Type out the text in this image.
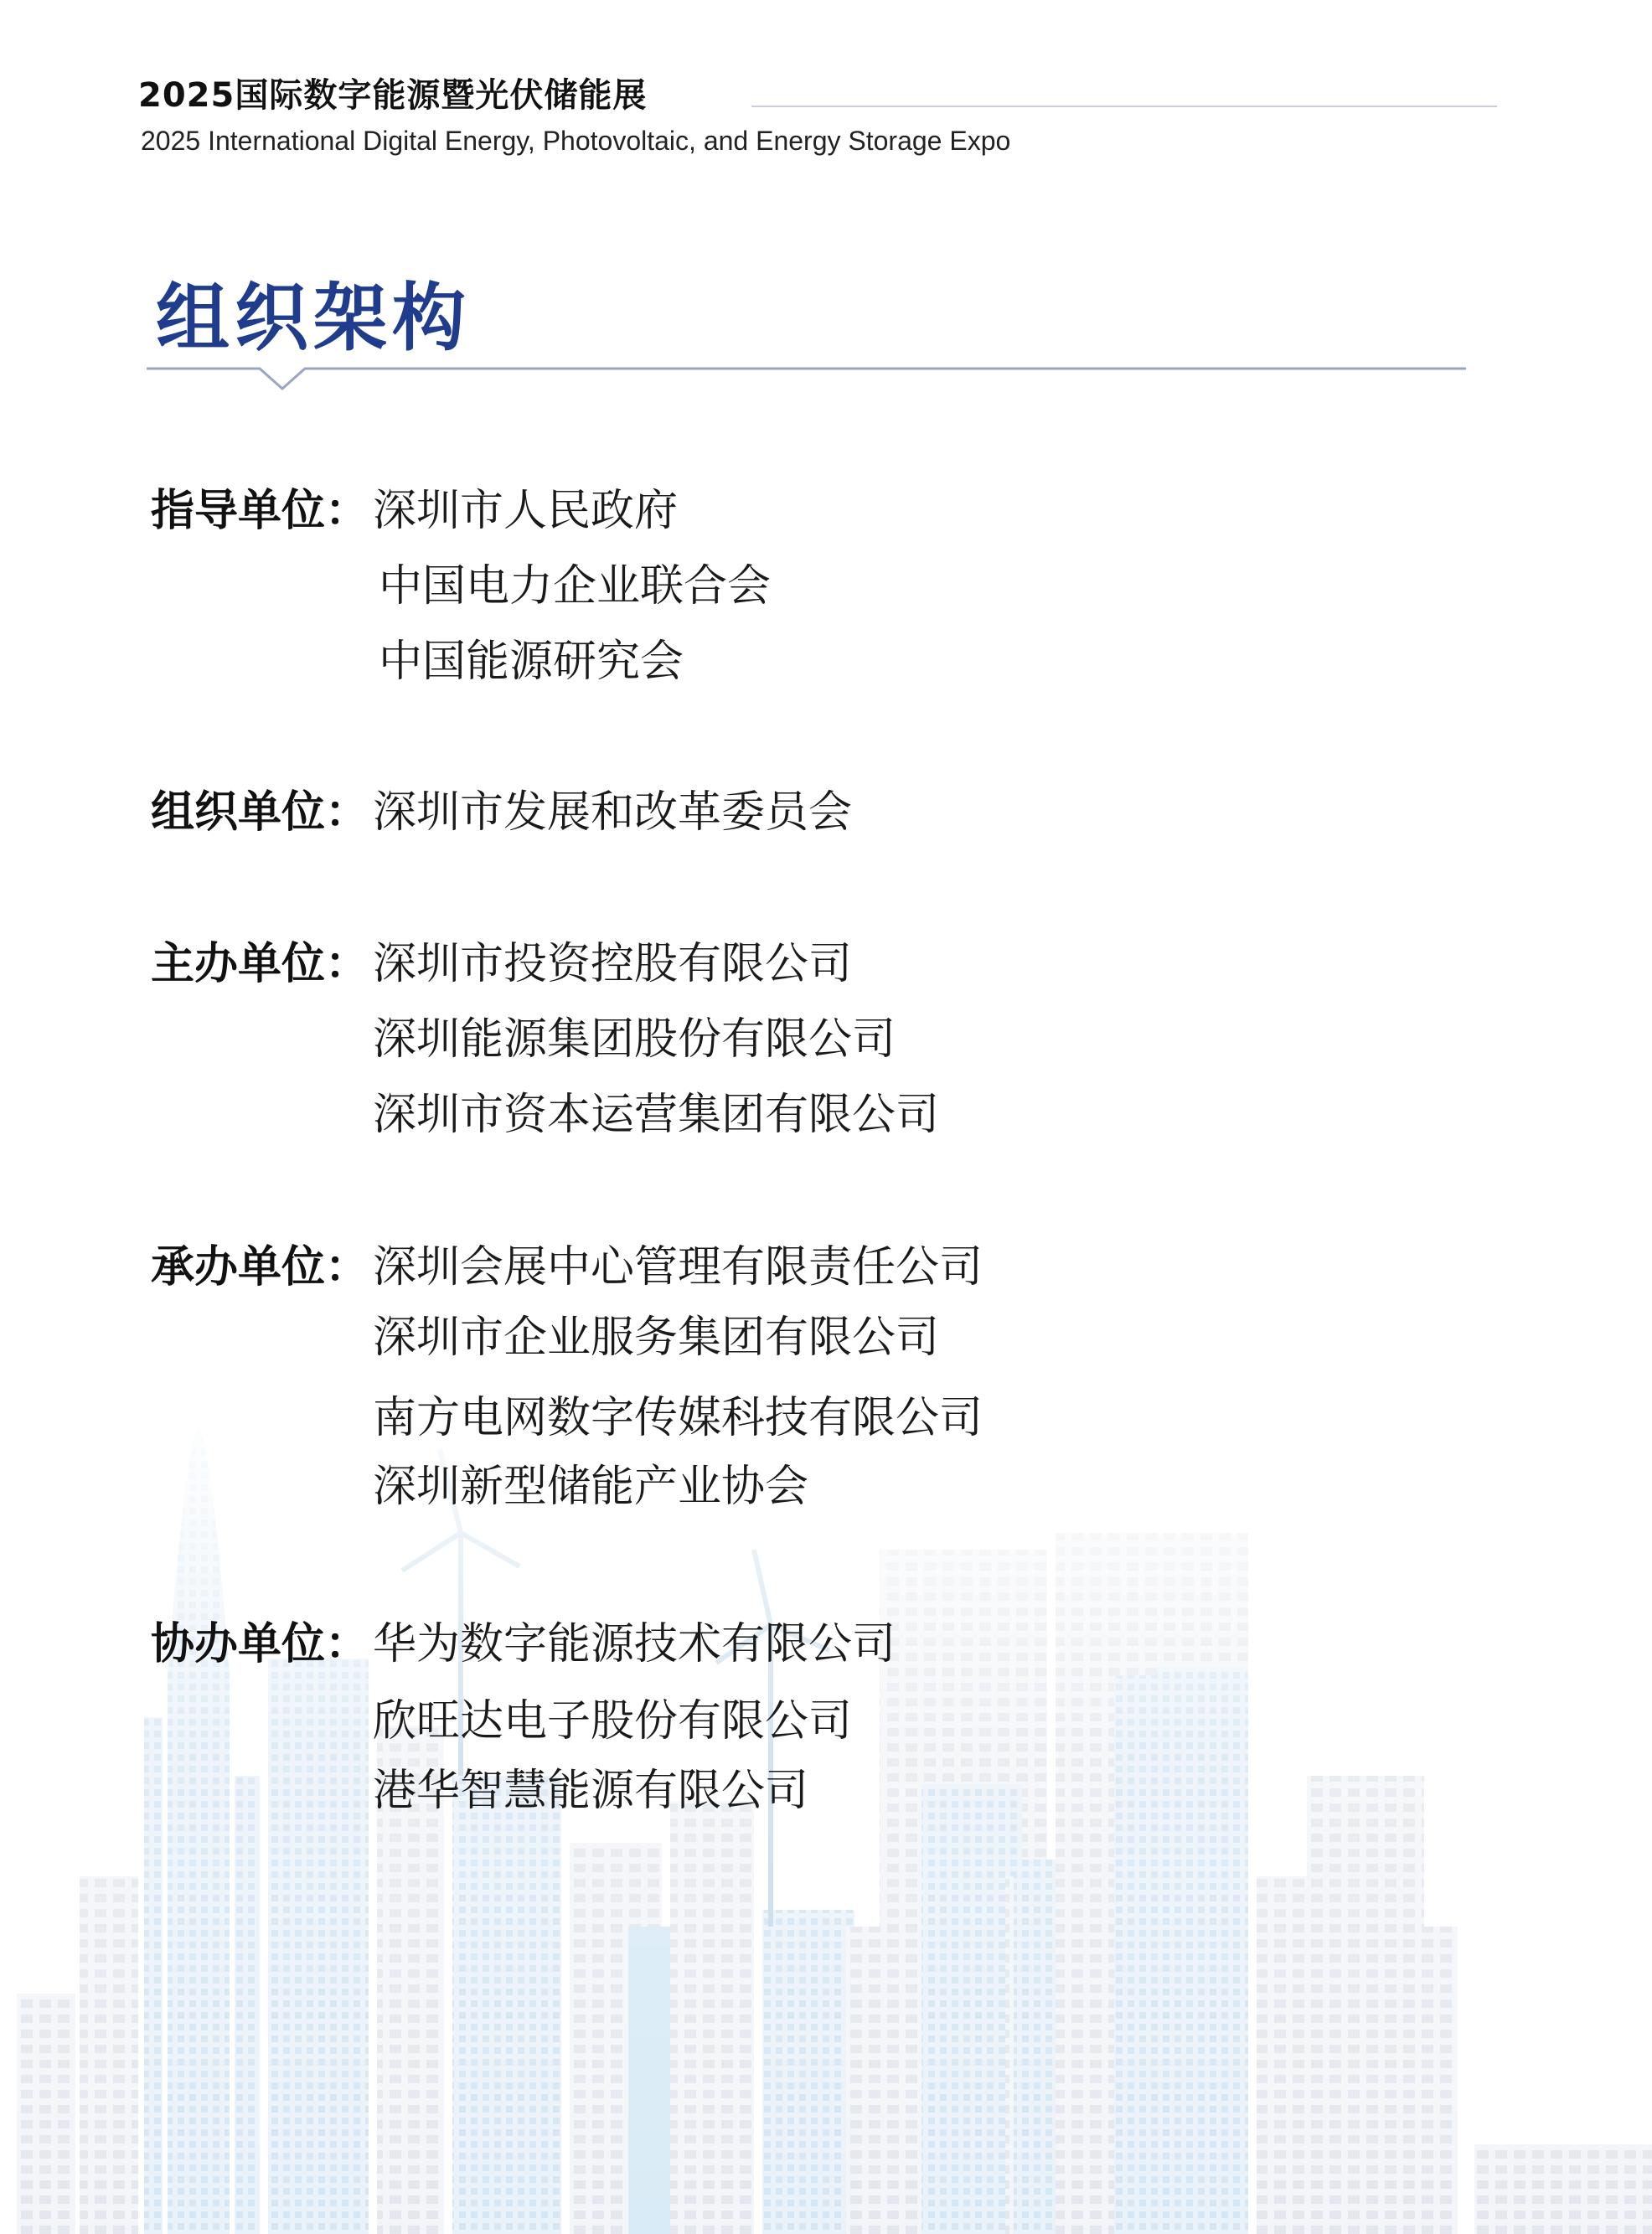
2025国际数字能源暨光伏储能展
2025 International Digital Energy, Photovoltaic, and Energy Storage Expo
组织架构
指导单位： 深圳市人民政府
中国电力企业联合会
中国能源研究会
组织单位： 深圳市发展和改革委员会
主办单位： 深圳市投资控股有限公司
深圳能源集团股份有限公司
深圳市资本运营集团有限公司
承办单位： 深圳会展中心管理有限责任公司
深圳市企业服务集团有限公司
南方电网数字传媒科技有限公司
深圳新型储能产业协会
协办单位： 华为数字能源技术有限公司
欣旺达电子股份有限公司
港华智慧能源有限公司
